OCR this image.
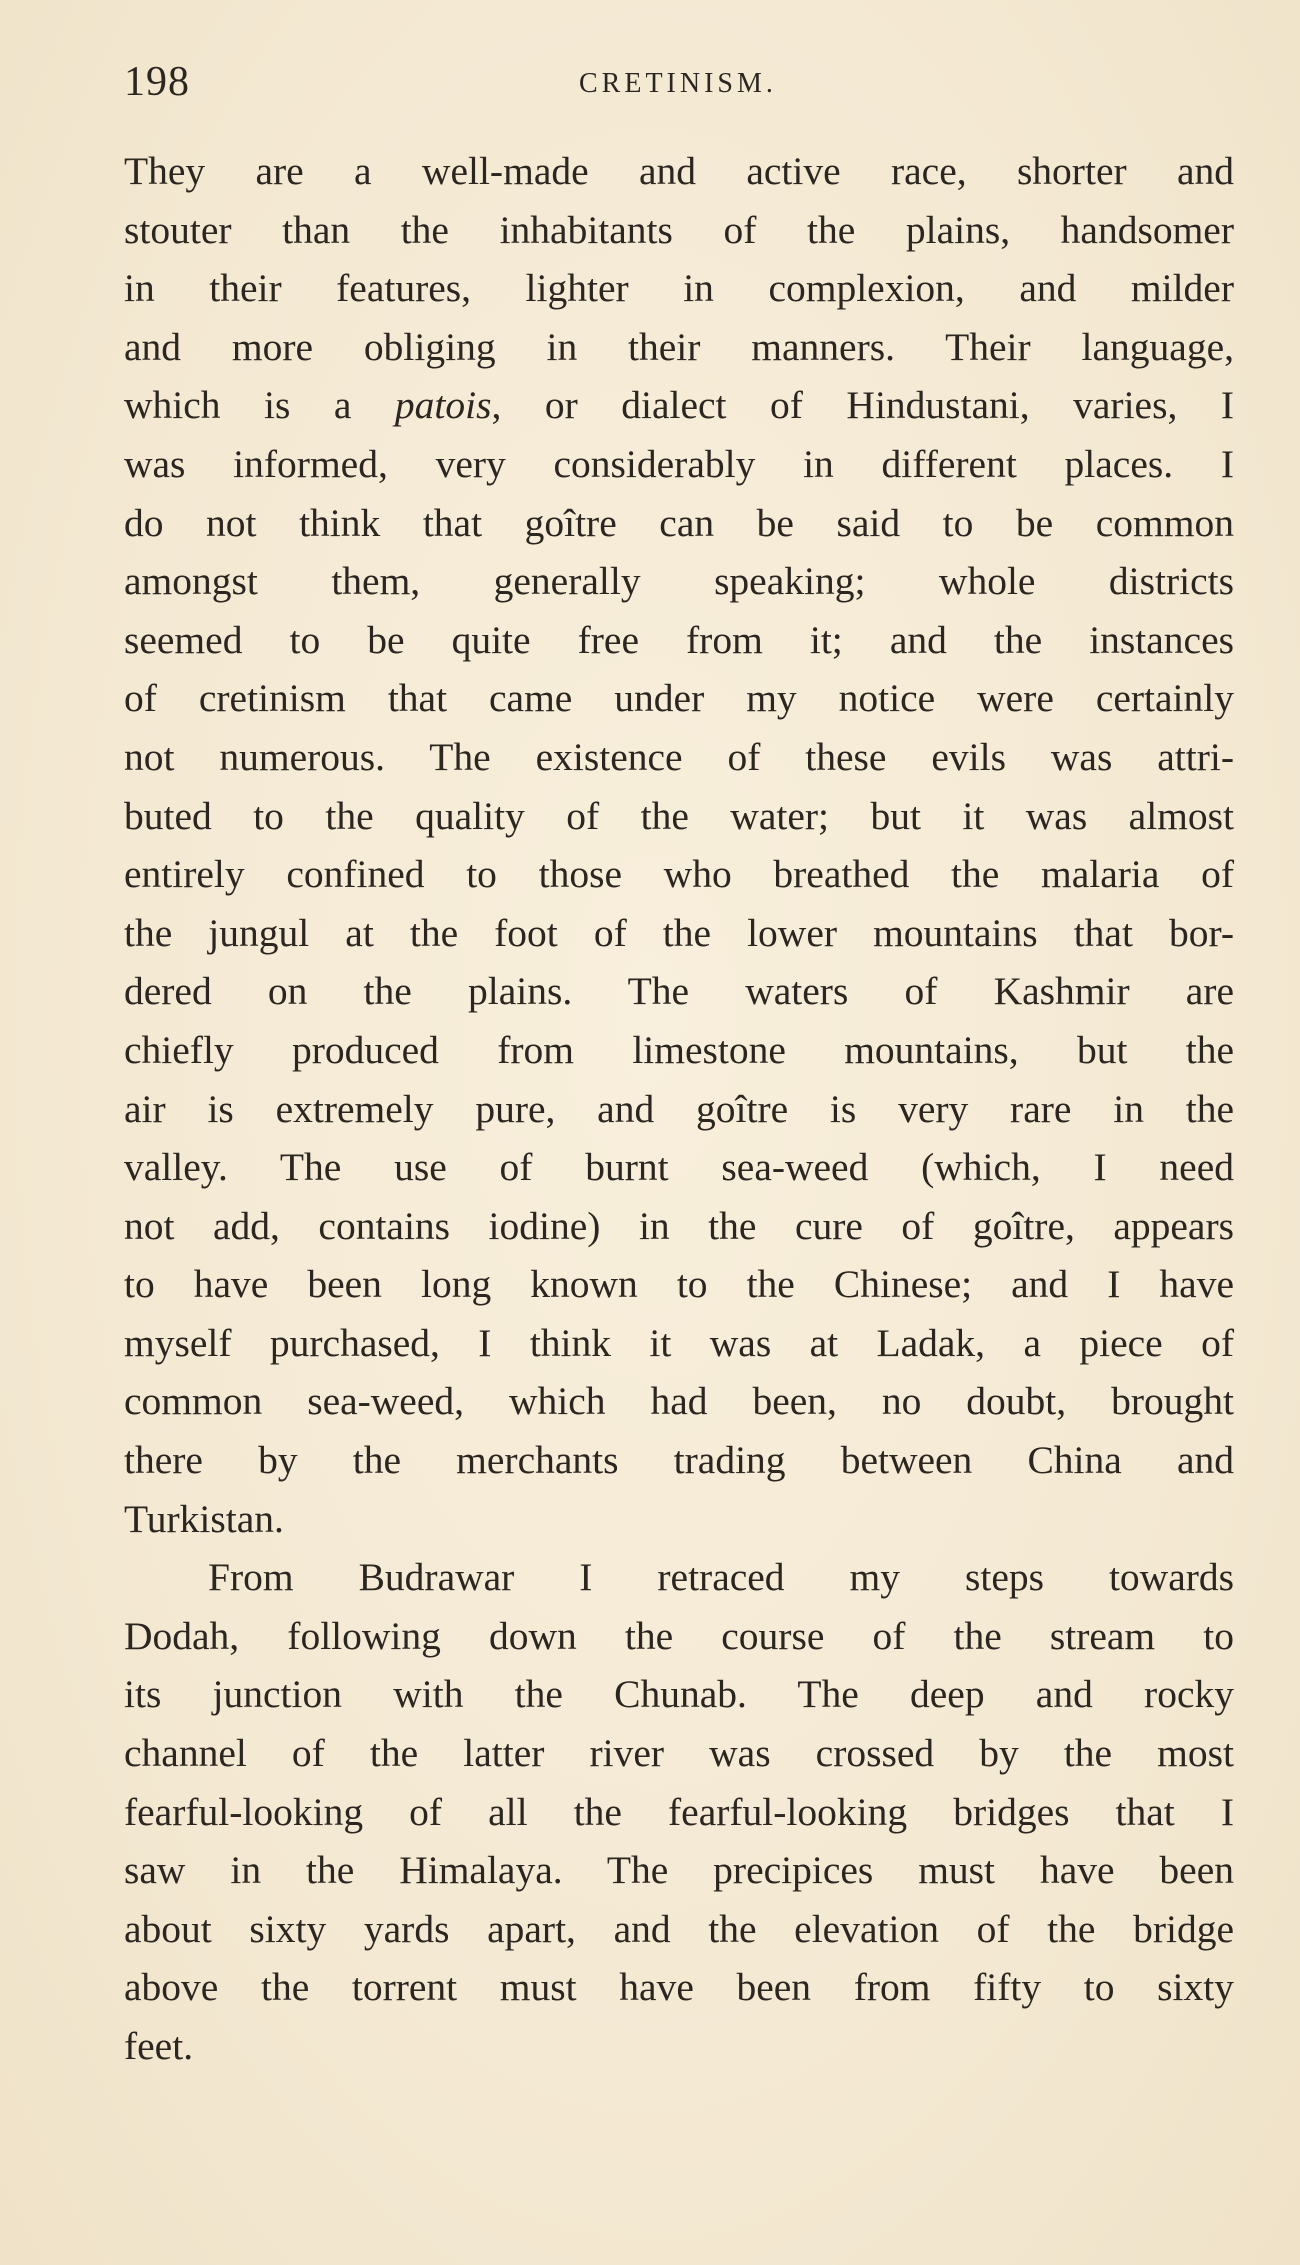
198	CRETINISM.
They are a well-made and active race, shorter and
stouter than the inhabitants of the plains, handsomer
in their features, lighter in complexion, and milder
and more obliging in their manners. Their language,
which is a patois, or dialect of Hindustani, varies, I
was informed, very considerably in different places. I
do not think that goître can be said to be common
amongst them, generally speaking; whole districts
seemed to be quite free from it; and the instances
of cretinism that came under my notice were certainly
not numerous. The existence of these evils was attri-
buted to the quality of the water; but it was almost
entirely confined to those who breathed the malaria of
the jungul at the foot of the lower mountains that bor-
dered on the plains. The waters of Kashmir are
chiefly produced from limestone mountains, but the
air is extremely pure, and goître is very rare in the
valley. The use of burnt sea-weed (which, I need
not add, contains iodine) in the cure of goître, appears
to have been long known to the Chinese; and I have
myself purchased, I think it was at Ladak, a piece of
common sea-weed, which had been, no doubt, brought
there by the merchants trading between China and
Turkistan.
From Budrawar I retraced my steps towards
Dodah, following down the course of the stream to
its junction with the Chunab. The deep and rocky
channel of the latter river was crossed by the most
fearful-looking of all the fearful-looking bridges that I
saw in the Himalaya. The precipices must have been
about sixty yards apart, and the elevation of the bridge
above the torrent must have been from fifty to sixty
feet.
